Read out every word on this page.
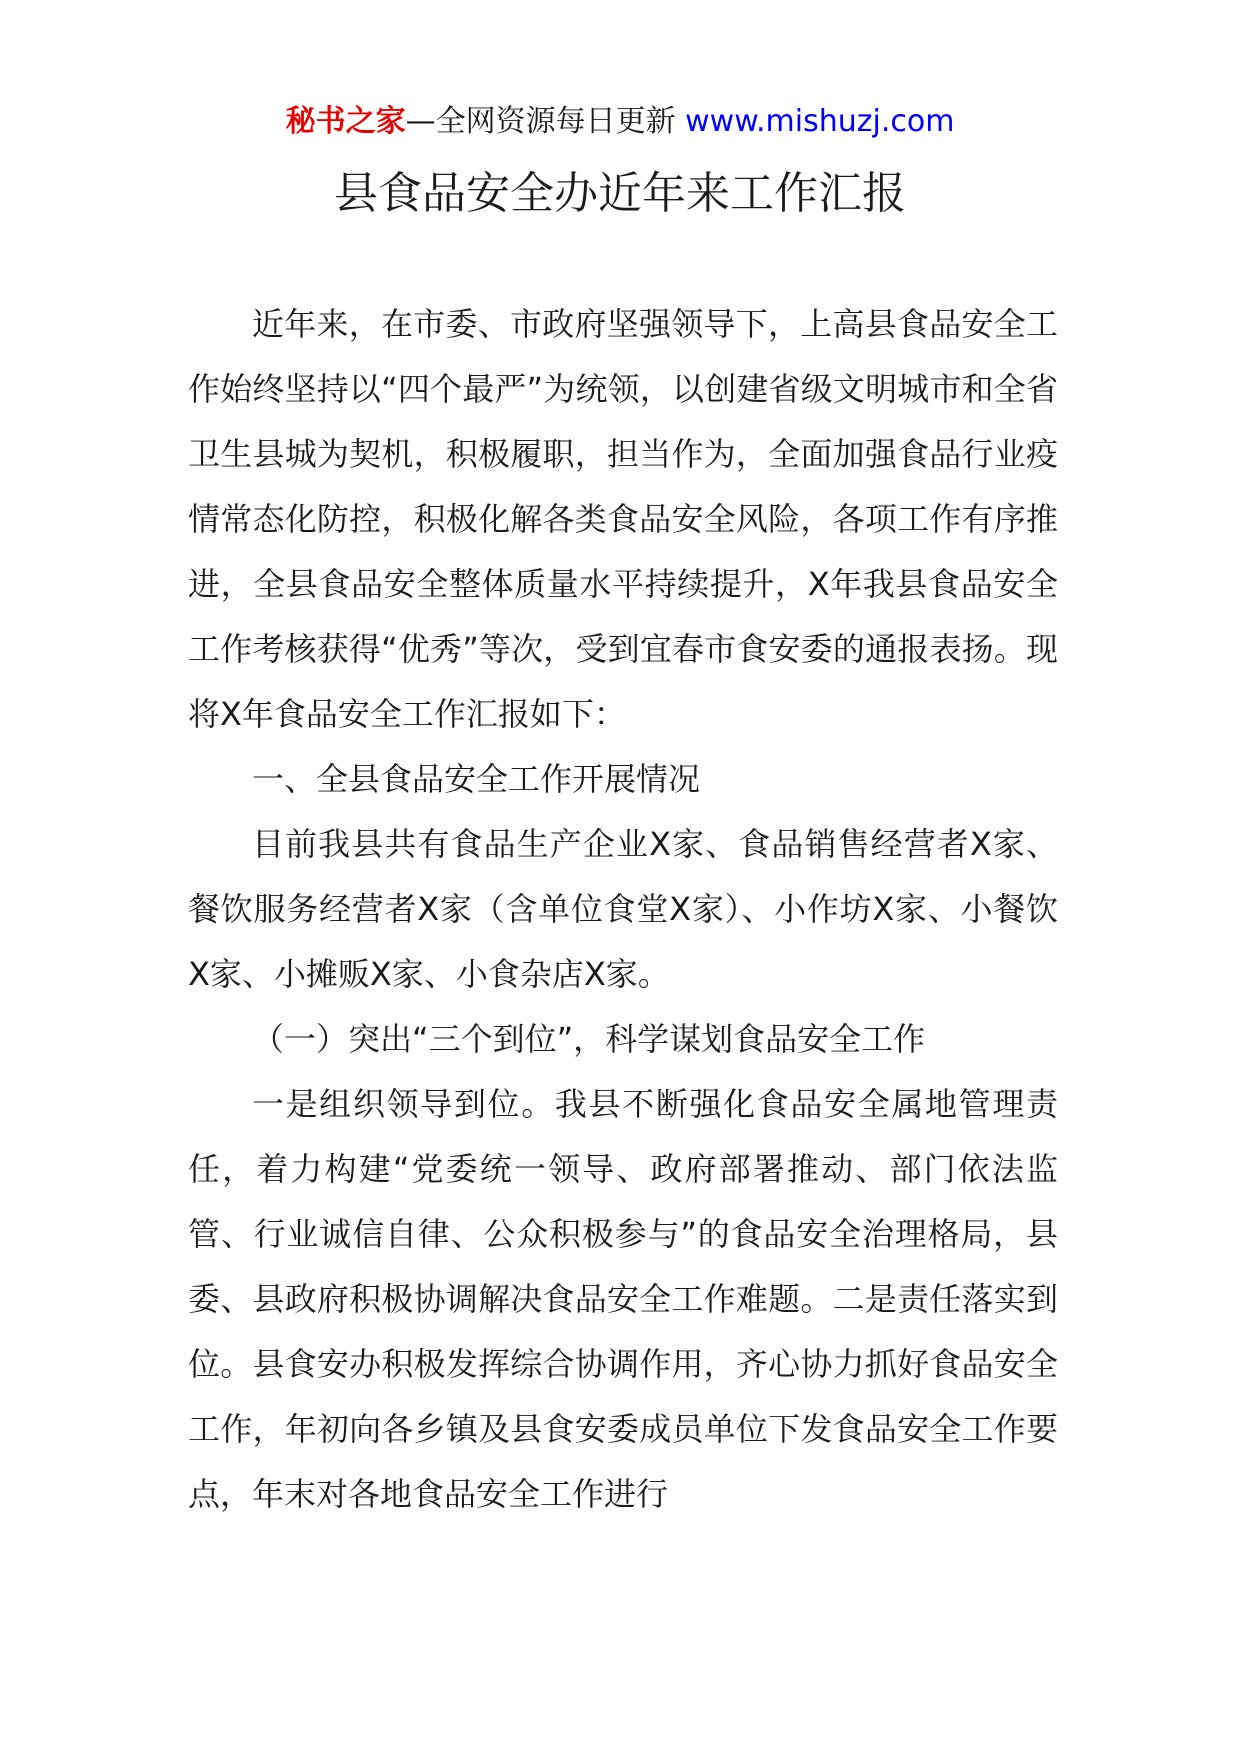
秘书之家—全网资源每日更新 www.mishuzj.com
县食品安全办近年来工作汇报

近年来，在市委、市政府坚强领导下，上高县食品安全工作始终坚持以“四个最严”为统领，以创建省级文明城市和全省卫生县城为契机，积极履职，担当作为，全面加强食品行业疫情常态化防控，积极化解各类食品安全风险，各项工作有序推进，全县食品安全整体质量水平持续提升，X年我县食品安全工作考核获得“优秀”等次，受到宜春市食安委的通报表扬。现将X年食品安全工作汇报如下：

一、全县食品安全工作开展情况

目前我县共有食品生产企业X家、食品销售经营者X家、餐饮服务经营者X家（含单位食堂X家）、小作坊X家、小餐饮X家、小摊贩X家、小食杂店X家。

（一）突出“三个到位”，科学谋划食品安全工作

一是组织领导到位。我县不断强化食品安全属地管理责任，着力构建“党委统一领导、政府部署推动、部门依法监管、行业诚信自律、公众积极参与”的食品安全治理格局，县委、县政府积极协调解决食品安全工作难题。二是责任落实到位。县食安办积极发挥综合协调作用，齐心协力抓好食品安全工作，年初向各乡镇及县食安委成员单位下发食品安全工作要点，年末对各地食品安全工作进行
